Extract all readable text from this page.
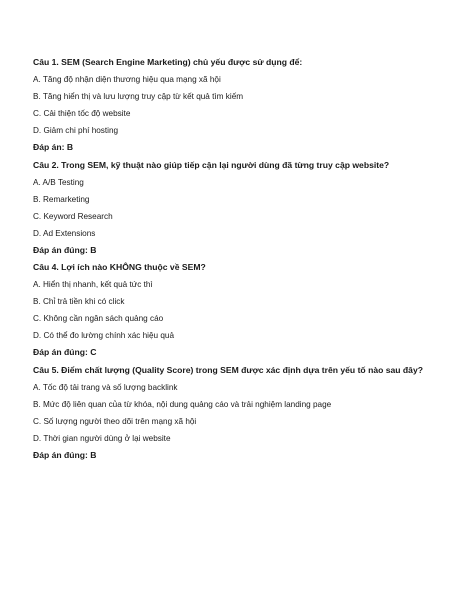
Câu 1. SEM (Search Engine Marketing) chủ yếu được sử dụng để:

A. Tăng độ nhận diện thương hiệu qua mạng xã hội

B. Tăng hiển thị và lưu lượng truy cập từ kết quả tìm kiếm

C. Cải thiện tốc độ website

D. Giảm chi phí hosting

Đáp án: B

Câu 2. Trong SEM, kỹ thuật nào giúp tiếp cận lại người dùng đã từng truy cập website?

A. A/B Testing

B. Remarketing

C. Keyword Research

D. Ad Extensions

Đáp án đúng: B

Câu 4. Lợi ích nào KHÔNG thuộc về SEM?

A. Hiển thị nhanh, kết quả tức thì

B. Chỉ trả tiền khi có click

C. Không cần ngân sách quảng cáo

D. Có thể đo lường chính xác hiệu quả

Đáp án đúng: C

Câu 5. Điểm chất lượng (Quality Score) trong SEM được xác định dựa trên yếu tố nào sau đây?

A. Tốc độ tải trang và số lượng backlink

B. Mức độ liên quan của từ khóa, nội dung quảng cáo và trải nghiệm landing page

C. Số lượng người theo dõi trên mạng xã hội

D. Thời gian người dùng ở lại website

Đáp án đúng: B
